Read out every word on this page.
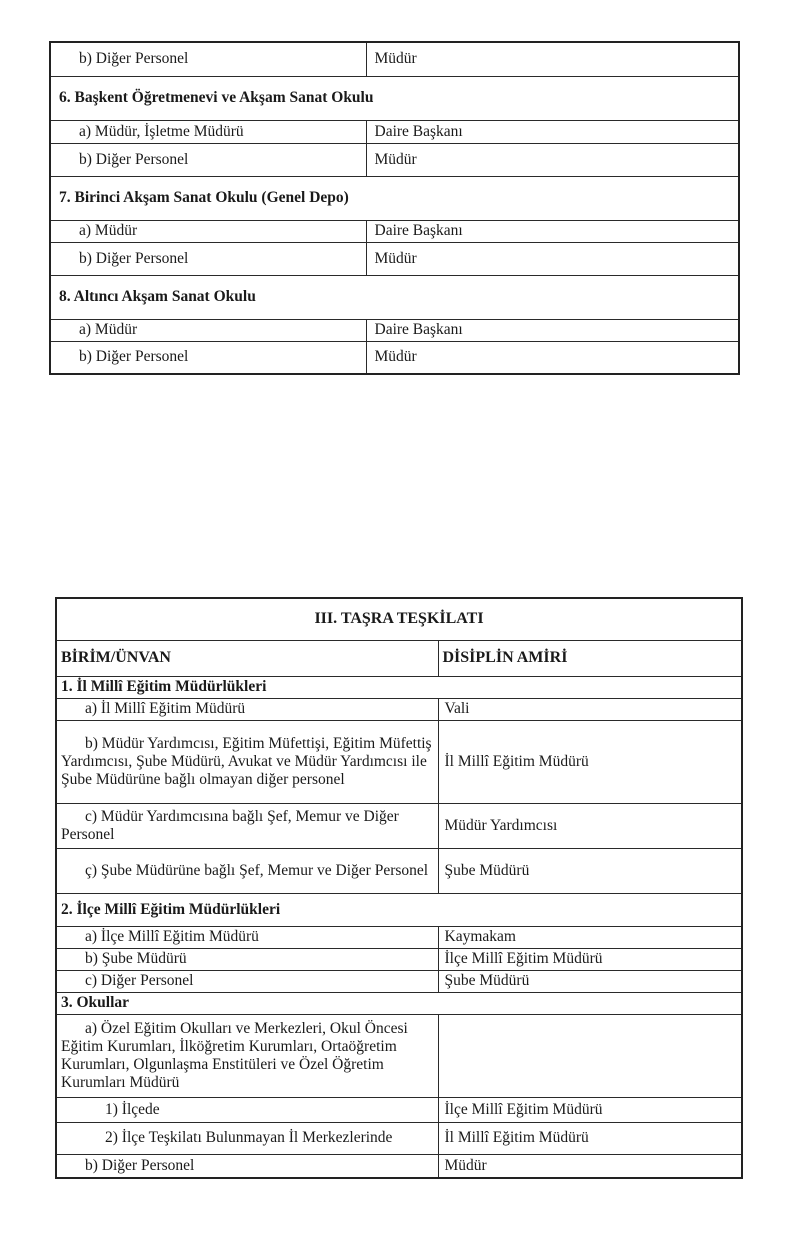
b) Diğer Personel	Müdür
6. Başkent Öğretmenevi ve Akşam Sanat Okulu	
a) Müdür, İşletme Müdürü	Daire Başkanı
b) Diğer Personel	Müdür
7. Birinci Akşam Sanat Okulu (Genel Depo)	
a) Müdür	Daire Başkanı
b) Diğer Personel	Müdür
8. Altıncı Akşam Sanat Okulu	
a) Müdür	Daire Başkanı
b) Diğer Personel	Müdür
III. TAŞRA TEŞKİLATI	
BİRİM/ÜNVAN	DİSİPLİN AMİRİ
1. İl Millî Eğitim Müdürlükleri	
a) İl Millî Eğitim Müdürü	Vali
b) Müdür Yardımcısı, Eğitim Müfettişi, Eğitim Müfettiş Yardımcısı, Şube Müdürü, Avukat ve Müdür Yardımcısı ile Şube Müdürüne bağlı olmayan diğer personel	İl Millî Eğitim Müdürü
c) Müdür Yardımcısına bağlı Şef, Memur ve Diğer Personel	Müdür Yardımcısı
ç) Şube Müdürüne bağlı Şef, Memur ve Diğer Personel	Şube Müdürü
2. İlçe Millî Eğitim Müdürlükleri	
a) İlçe Millî Eğitim Müdürü	Kaymakam
b) Şube Müdürü	İlçe Millî Eğitim Müdürü
c) Diğer Personel	Şube Müdürü
3. Okullar	
a) Özel Eğitim Okulları ve Merkezleri, Okul Öncesi Eğitim Kurumları, İlköğretim Kurumları, Ortaöğretim Kurumları, Olgunlaşma Enstitüleri ve Özel Öğretim Kurumları Müdürü	
1) İlçede	İlçe Millî Eğitim Müdürü
2) İlçe Teşkilatı Bulunmayan İl Merkezlerinde	İl Millî Eğitim Müdürü
b) Diğer Personel	Müdür
